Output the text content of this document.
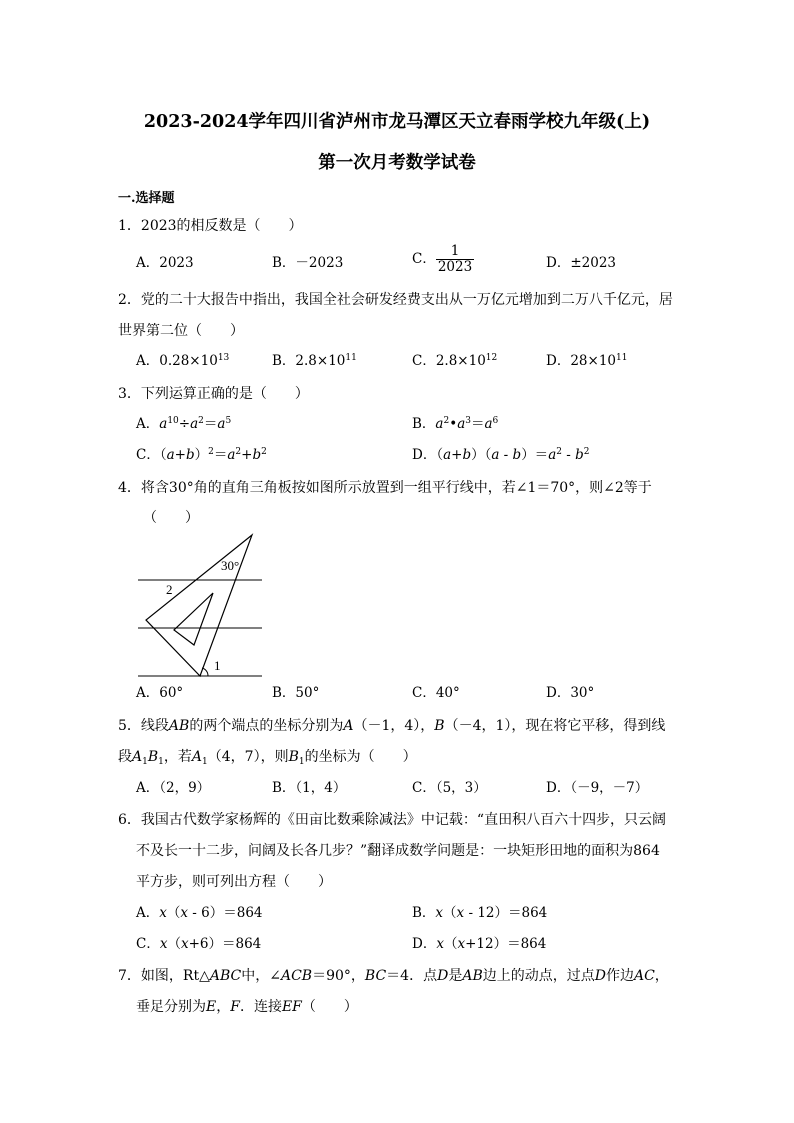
2023-2024学年四川省泸州市龙马潭区天立春雨学校九年级(上)
第一次月考数学试卷
一.选择题
1．2023的相反数是（　　）
A．2023	B．－2023	C． $\frac{1}{2023}$	D．±2023
2．党的二十大报告中指出，我国全社会研发经费支出从一万亿元增加到二万八千亿元，居
世界第二位（　　）
A．$0.28\times 10^{13}$	B．$2.8\times 10^{11}$	C．$2.8\times 10^{12}$	D．$28\times 10^{11}$
3．下列运算正确的是（　　）
A．$a^{10}\div a^2=a^5$	B．$a^2•a^3=a^6$
C．$(a+b)^2=a^2+b^2$	D．$(a+b)(a - b)=a^2 - b^2$
4．将含30°角的直角三角板按如图所示放置到一组平行线中，若∠1＝70°，则∠2等于
（　　）
30°
2
1
A．60°	B．50°	C．40°	D．30°
5．线段AB的两个端点的坐标分别为A（－1，4），B（－4，1），现在将它平移，得到线
段$A_1B_1$，若$A_1(4$，7），则$B_1$的坐标为（　　）
A．（2，9）	B．（1，4）	C．（5，3）	D．（－9，－7）
6．我国古代数学家杨辉的《田亩比数乘除减法》中记载：“直田积八百六十四步，只云阔
不及长一十二步，问阔及长各几步？”翻译成数学问题是：一块矩形田地的面积为864
平方步，则可列出方程（　　）
A．x（x - 6）＝864	B．x（x - 12）＝864
C．x（x+6）＝864	D．x（x+12）＝864
7．如图，Rt△ABC中，∠ACB＝90°，BC＝4．点D是AB边上的动点，过点D作边AC，
垂足分别为E，F．连接EF（　　）
